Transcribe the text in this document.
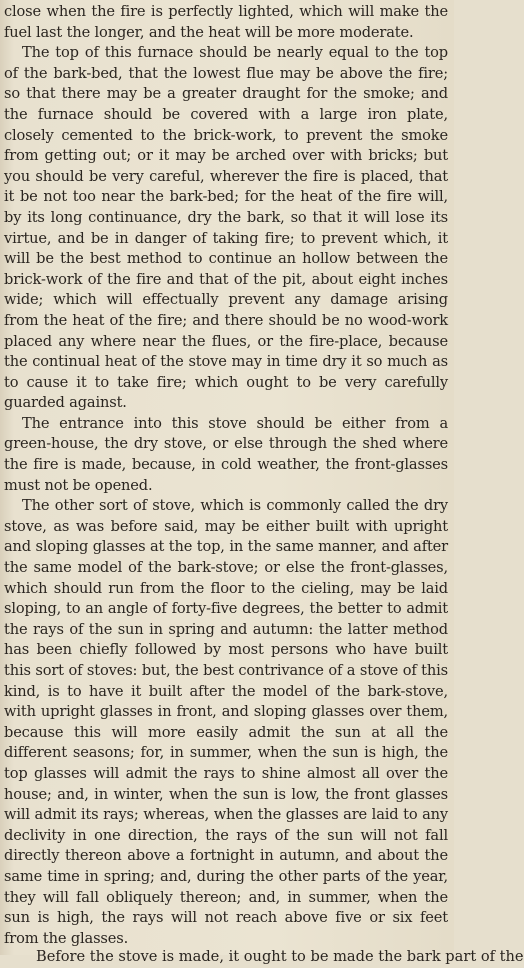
close when the fire is perfectly lighted, which will make the fuel last the longer, and the heat will be more moderate.

The top of this furnace should be nearly equal to the top of the bark-bed, that the lowest flue may be above the fire; so that there may be a greater draught for the smoke; and the furnace should be covered with a large iron plate, closely cemented to the brick-work, to prevent the smoke from getting out; or it may be arched over with bricks; but you should be very careful, wherever the fire is placed, that it be not too near the bark-bed; for the heat of the fire will, by its long continuance, dry the bark, so that it will lose its virtue, and be in danger of taking fire; to prevent which, it will be the best method to continue an hollow between the brick-work of the fire and that of the pit, about eight inches wide; which will effectually prevent any damage arising from the heat of the fire; and there should be no wood-work placed any where near the flues, or the fire-place, because the continual heat of the stove may in time dry it so much as to cause it to take fire; which ought to be very carefully guarded against.

The entrance into this stove should be either from a green-house, the dry stove, or else through the shed where the fire is made, because, in cold weather, the front-glasses must not be opened.

The other sort of stove, which is commonly called the dry stove, as was before said, may be either built with upright and sloping glasses at the top, in the same manner, and after the same model of the bark-stove; or else the front-glasses, which should run from the floor to the cieling, may be laid sloping, to an angle of forty-five degrees, the better to admit the rays of the sun in spring and autumn: the latter method has been chiefly followed by most persons who have built this sort of stoves: but, the best contrivance of a stove of this kind, is to have it built after the model of the bark-stove, with upright glasses in front, and sloping glasses over them, because this will more easily admit the sun at all the different seasons; for, in summer, when the sun is high, the top glasses will admit the rays to shine almost all over the house; and, in winter, when the sun is low, the front glasses will admit its rays; whereas, when the glasses are laid to any declivity in one direction, the rays of the sun will not fall directly thereon above a fortnight in autumn, and about the same time in spring; and, during the other parts of the year, they will fall obliquely thereon; and, in summer, when the sun is high, the rays will not reach above five or six feet from the glasses.

Before the stove is made, it ought to be made the bark part of the
